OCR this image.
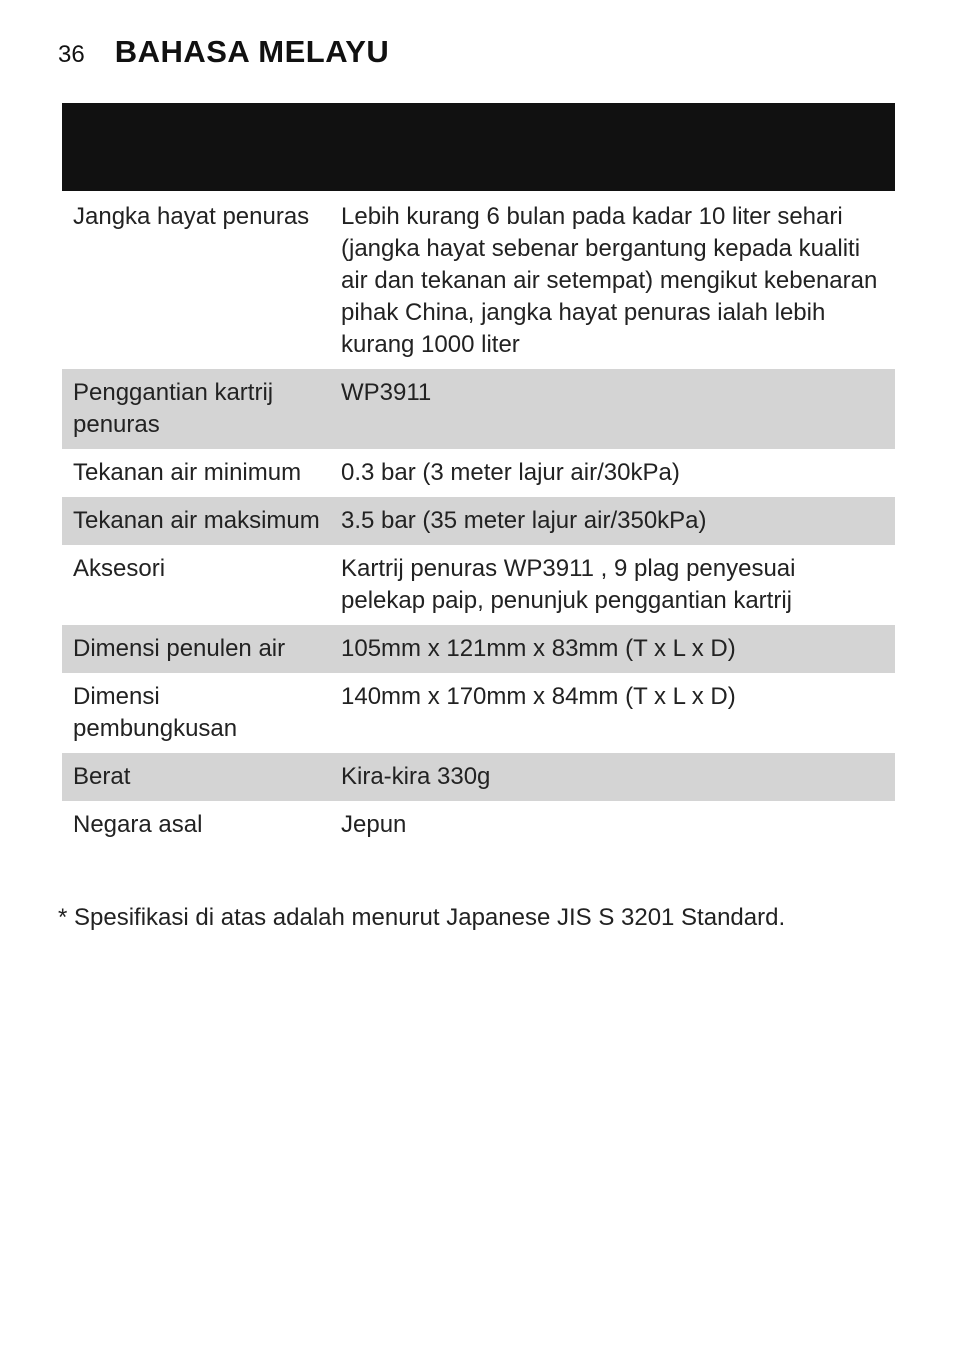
36 BAHASA MELAYU

Jangka hayat penuras	Lebih kurang 6 bulan pada kadar 10 liter sehari (jangka hayat sebenar bergantung kepada kualiti air dan tekanan air setempat) mengikut kebenaran pihak China, jangka hayat penuras ialah lebih kurang 1000 liter
Penggantian kartrij penuras	WP3911
Tekanan air minimum	0.3 bar (3 meter lajur air/30kPa)
Tekanan air maksimum	3.5 bar (35 meter lajur air/350kPa)
Aksesori	Kartrij penuras WP3911 , 9 plag penyesuai pelekap paip, penunjuk penggantian kartrij
Dimensi penulen air	105mm x 121mm x 83mm (T x L x D)
Dimensi pembungkusan	140mm x 170mm x 84mm (T x L x D)
Berat	Kira-kira 330g
Negara asal	Jepun
* Spesifikasi di atas adalah menurut Japanese JIS S 3201 Standard.
